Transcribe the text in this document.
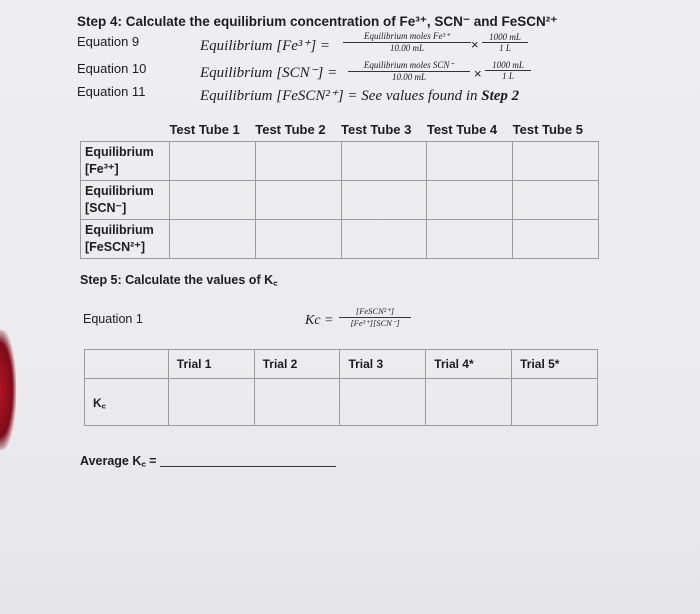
Step 4: Calculate the equilibrium concentration of Fe³⁺, SCN⁻ and FeSCN²⁺
Equation 9	Equilibrium [Fe³⁺] =
Equilibrium moles Fe³⁺
10.00 mL	×	1000 mL
1 L
Equation 10	Equilibrium [SCN⁻] =	Equilibrium moles SCN⁻
10.00 mL	×
1000 mL
1 L
Equation 11	Equilibrium [FeSCN²⁺] = See values found in Step 2
	Test Tube 1	Test Tube 2	Test Tube 3	Test Tube 4	Test Tube 5

Equilibrium
[Fe³⁺]					

Equilibrium
[SCN⁻]					

Equilibrium
[FeSCN²⁺]					

Step 5: Calculate the values of K꜀
Equation 1	Kc =
[FeSCN²⁺]
[Fe³⁺][SCN⁻]
	Trial 1	Trial 2	Trial 3	Trial 4*	Trial 5*
K꜀					
Average K꜀ =
